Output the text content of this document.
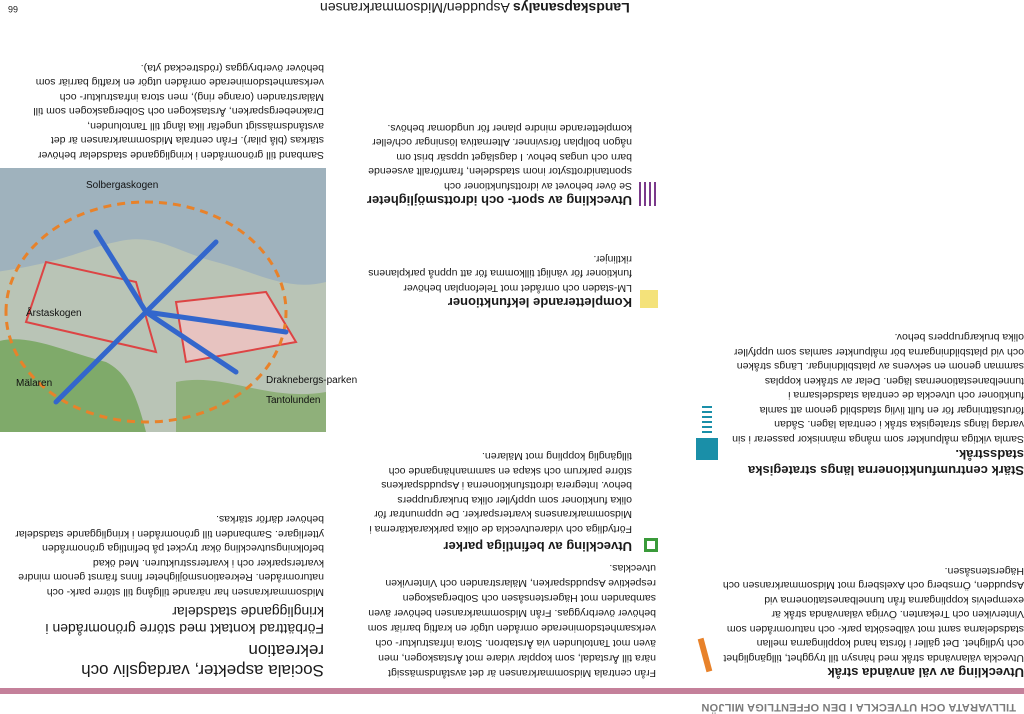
66	Landskapsanalys Aspudden/Midsommarkransen
TILLVARATA OCH UTVECKLA I DEN OFFENTLIGA MILJÖN
Sociala aspekter, vardagsliv och rekreation
Förbättrad kontakt med större grönområden i kringliggande stadsdelar

Midsommarkransen har närande tillgång till större park- och naturområden. Rekreationsmöjligheter finns främst genom mindre kvartersparker och i kvartersstrukturen. Med ökad befolkningsutveckling ökar trycket på befintliga grönområden ytterligare. Sambanden till grönområden i kringliggande stadsdelar behöver därför stärkas.

Solbergaskogen
Årstaskogen
Mälaren	Draknebergs-parken
Tantolunden
Samband till grönområden i kringliggande stadsdelar behöver stärkas (blå pilar). Från centrala Midsommarkransen är det avståndsmässigt ungefär lika långt till Tantolunden, Draknebergsparken, Årstaskogen och Solbergaskogen som till Mälarstranden (orange ring), men stora infrastruktur- och verksamhetsdominerade områden utgör en kraftig barriär som behöver överbryggas (rödstreckad yta).
Från centrala Midsommarkransen är det avståndsmässigt nära till Årstadal, som kopplar vidare mot Årstaskogen, men även mot Tantolunden via Årstabron. Stora infrastruktur- och verksamhetsdominerade områden utgör en kraftig barriär som behöver överbryggas. Från Midsommarkransen behöver även sambanden mot Hägerstensåsen och Solbergaskogen respektive Aspuddsparken, Mälarstranden och Vinterviken utvecklas.
Utveckling av befintliga parker

Förtydliga och vidareutveckla de olika parkkaraktärerna i Midsommarkransens kvartersparker. De uppmuntrar för olika funktioner som uppfyller olika brukargruppers behov. Integrera idrottsfunktionerna i Aspuddsparkens större parkrum och skapa en sammanhängande och tillgänglig koppling mot Mälaren.

Kompletterande lekfunktioner

LM-staden och området mot Telefonplan behöver funktioner för vänligt tillkomma för att uppnå parkplanens riktlinjer.

Utveckling av sport- och idrottsmöjligheter

Se över behovet av idrottsfunktioner och spontanidrottsytor inom stadsdelen, framförallt avseende barn och ungas behov. I dagsläget uppsär brist om någon bollplan försvinner. Alternativa lösningar och/eller kompletterande mindre planer för ungdomar behövs.

Utveckling av väl använda stråk

Utveckla välanvända stråk med hänsyn till trygghet, tillgänglighet och tydlighet. Det gäller i första hand kopplingarna mellan stadsdelarna samt mot välbesökta park- och naturområden som Vinterviken och Trekanten. Övriga välanvända stråk är exempelvis kopplingarna från tunnelbanestationerna vid Aspudden, Örnsberg och Axelsberg mot Midsommarkransen och Hägerstensåsen.

Stärk centrumfunktionerna längs strategiska stadsstråk.

Samla viktiga målpunkter som många människor passerar i sin vardag längs strategiska stråk i centrala lägen. Sådan förutsättningar för en fullt livlig stadsbild genom att samla funktioner och utveckla de centrala stadsdelsarna i tunnelbanestationernas lägen. Delar av stråken kopplas samman genom en sekvens av platsbildningar. Längs stråken och vid platsbildningarna bör målpunkter samlas som uppfyller olika brukargruppers behov.
